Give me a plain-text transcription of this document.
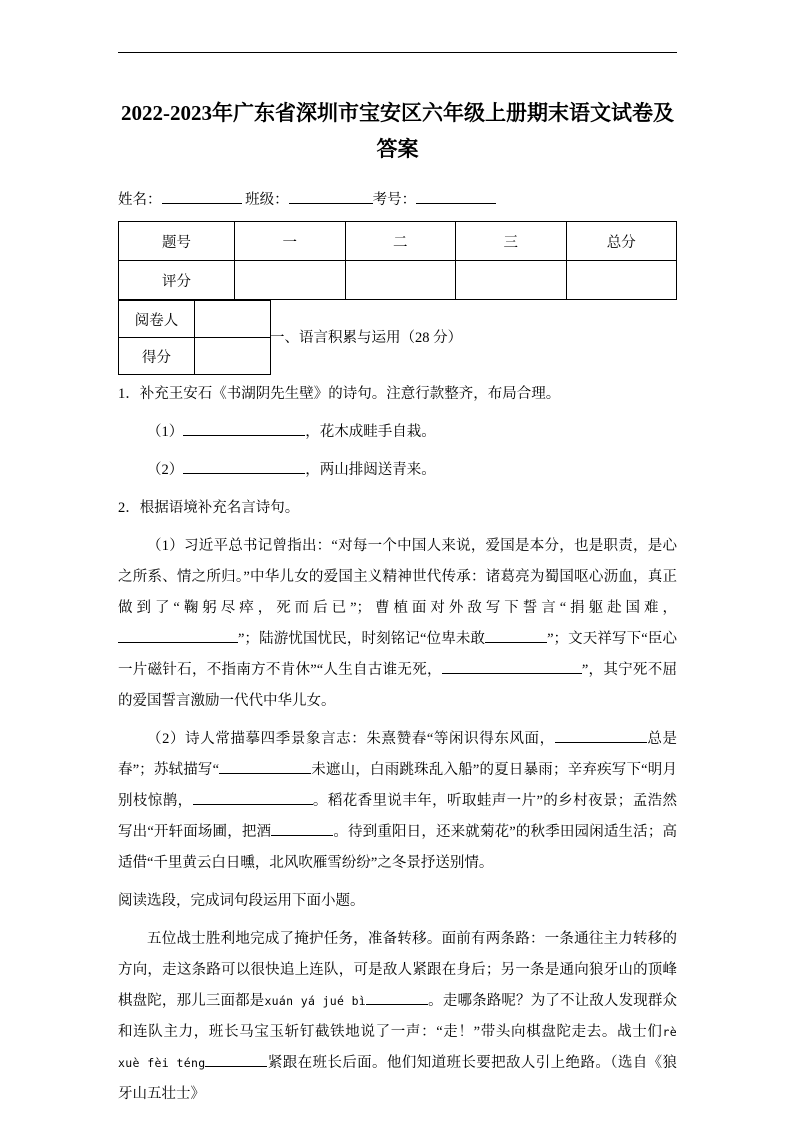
2022-2023年广东省深圳市宝安区六年级上册期末语文试卷及答案
姓名：	班级：	考号：
题号	一	二	三	总分
评分				
阅卷人	
得分	
一、语言积累与运用（28 分）

1．补充王安石《书湖阴先生壁》的诗句。注意行款整齐，布局合理。

（1）	，花木成畦手自栽。

（2）	，两山排闼送青来。

2．根据语境补充名言诗句。

（1）习近平总书记曾指出：“对每一个中国人来说，爱国是本分，也是职责，是心之所系、情之所归。”中华儿女的爱国主义精神世代传承：诸葛亮为蜀国呕心沥血，真正做到了“鞠躬尽瘁，死而后已”；曹植面对外敌写下誓言“捐躯赴国难，”；陆游忧国忧民，时刻铭记“位卑未敢	”；文天祥写下“臣心一片磁针石，不指南方不肯休”“人生自古谁无死，	”，其宁死不屈的爱国誓言激励一代代中华儿女。

（2）诗人常描摹四季景象言志：朱熹赞春“等闲识得东风面，	总是春”；苏轼描写“	未遮山，白雨跳珠乱入船”的夏日暴雨；辛弃疾写下“明月别枝惊鹊，	。稻花香里说丰年，听取蛙声一片”的乡村夜景；孟浩然写出“开轩面场圃，把酒	。待到重阳日，还来就菊花”的秋季田园闲适生活；高适借“千里黄云白日曛，北风吹雁雪纷纷”之冬景抒送别情。

阅读选段，完成词句段运用下面小题。

五位战士胜利地完成了掩护任务，准备转移。面前有两条路：一条通往主力转移的方向，走这条路可以很快追上连队，可是敌人紧跟在身后；另一条是通向狼牙山的顶峰棋盘陀，那儿三面都是xuán yá jué bì	。走哪条路呢？为了不让敌人发现群众和连队主力，班长马宝玉斩钉截铁地说了一声：“走！”带头向棋盘陀走去。战士们rè xuè fèi téng	紧跟在班长后面。他们知道班长要把敌人引上绝路。（选自《狼牙山五壮士》
